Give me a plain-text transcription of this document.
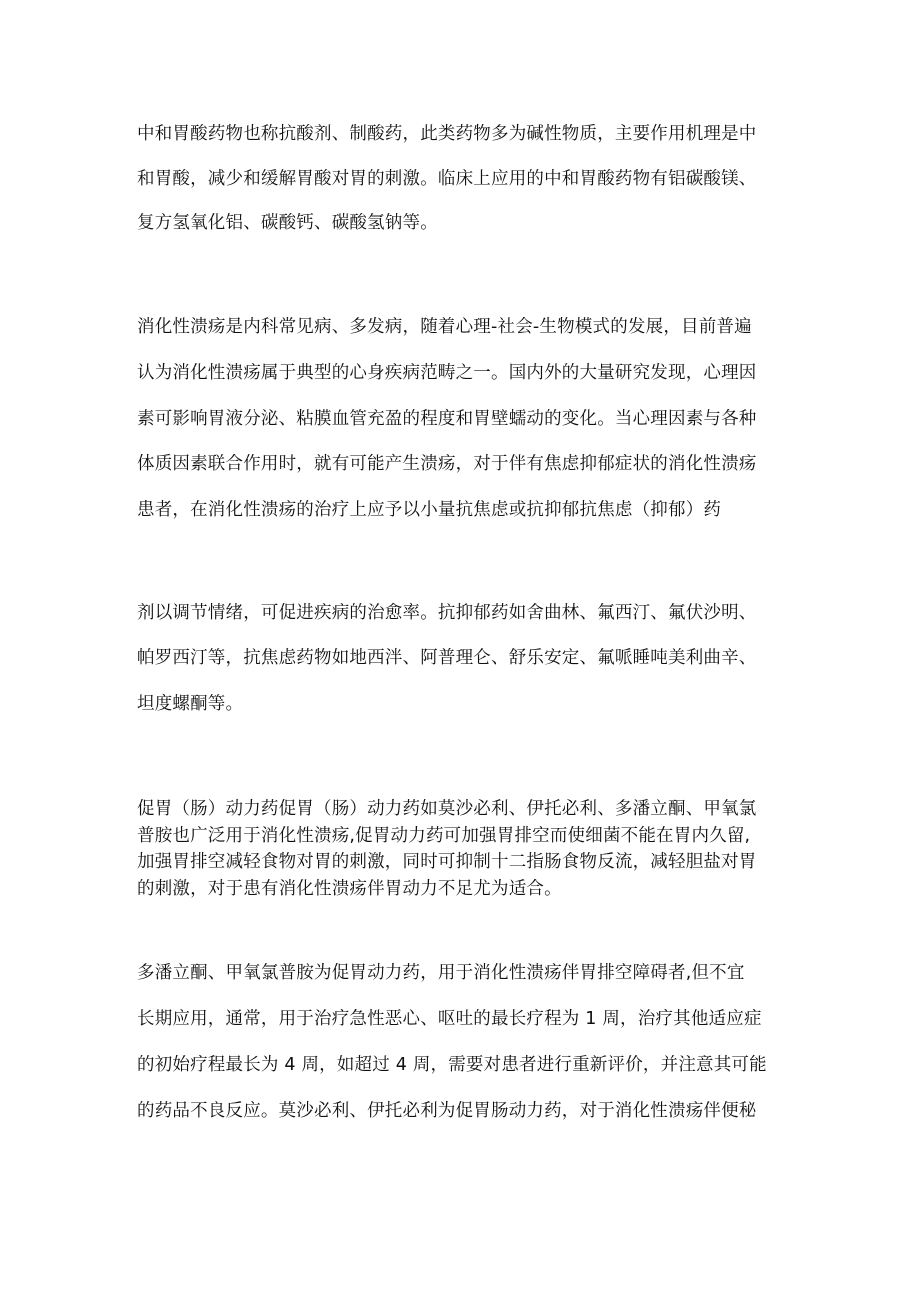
中和胃酸药物也称抗酸剂、制酸药，此类药物多为碱性物质，主要作用机理是中
和胃酸，减少和缓解胃酸对胃的刺激。临床上应用的中和胃酸药物有铝碳酸镁、
复方氢氧化铝、碳酸钙、碳酸氢钠等。
消化性溃疡是内科常见病、多发病，随着心理-社会-生物模式的发展，目前普遍
认为消化性溃疡属于典型的心身疾病范畴之一。国内外的大量研究发现，心理因
素可影响胃液分泌、粘膜血管充盈的程度和胃壁蠕动的变化。当心理因素与各种
体质因素联合作用时，就有可能产生溃疡，对于伴有焦虑抑郁症状的消化性溃疡
患者，在消化性溃疡的治疗上应予以小量抗焦虑或抗抑郁抗焦虑（抑郁）药
剂以调节情绪，可促进疾病的治愈率。抗抑郁药如舍曲林、氟西汀、氟伏沙明、
帕罗西汀等，抗焦虑药物如地西泮、阿普理仑、舒乐安定、氟哌睡吨美利曲辛、
坦度螺酮等。
促胃（肠）动力药促胃（肠）动力药如莫沙必利、伊托必利、多潘立酮、甲氧氯
普胺也广泛用于消化性溃疡,促胃动力药可加强胃排空而使细菌不能在胃内久留,
加强胃排空减轻食物对胃的刺激，同时可抑制十二指肠食物反流，减轻胆盐对胃
的刺激，对于患有消化性溃疡伴胃动力不足尤为适合。
多潘立酮、甲氧氯普胺为促胃动力药，用于消化性溃疡伴胃排空障碍者,但不宜
长期应用，通常，用于治疗急性恶心、呕吐的最长疗程为 1 周，治疗其他适应症
的初始疗程最长为 4 周，如超过 4 周，需要对患者进行重新评价，并注意其可能
的药品不良反应。莫沙必利、伊托必利为促胃肠动力药，对于消化性溃疡伴便秘
